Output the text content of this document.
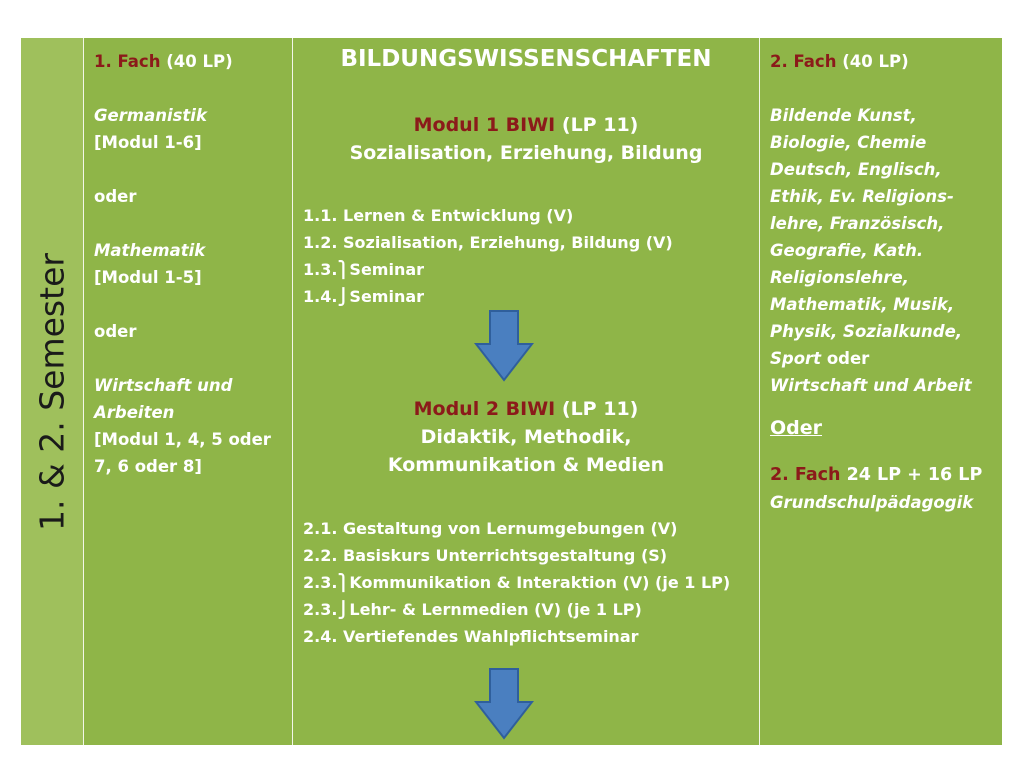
1. & 2. Semester
1. Fach (40 LP)
Germanistik
[Modul 1-6]
oder
Mathematik
[Modul 1-5]
oder
Wirtschaft und
Arbeiten
[Modul 1, 4, 5 oder
7, 6 oder 8]
BILDUNGSWISSENSCHAFTEN
Modul 1 BIWI (LP 11)
Sozialisation, Erziehung, Bildung
1.1. Lernen & Entwicklung (V)
1.2. Sozialisation, Erziehung, Bildung (V)
1.3.⎫Seminar
1.4.⎭Seminar
Modul 2 BIWI (LP 11)
Didaktik, Methodik,
Kommunikation & Medien
2.1. Gestaltung von Lernumgebungen (V)
2.2. Basiskurs Unterrichtsgestaltung (S)
2.3.⎫Kommunikation & Interaktion (V) (je 1 LP)
2.3.⎭Lehr- & Lernmedien (V) (je 1 LP)
2.4. Vertiefendes Wahlpflichtseminar
2. Fach (40 LP)
Bildende Kunst,
Biologie, Chemie
Deutsch, Englisch,
Ethik, Ev. Religions-
lehre, Französisch,
Geografie, Kath.
Religionslehre,
Mathematik, Musik,
Physik, Sozialkunde,
Sport oder
Wirtschaft und Arbeit
Oder
2. Fach 24 LP + 16 LP
Grundschulpädagogik
